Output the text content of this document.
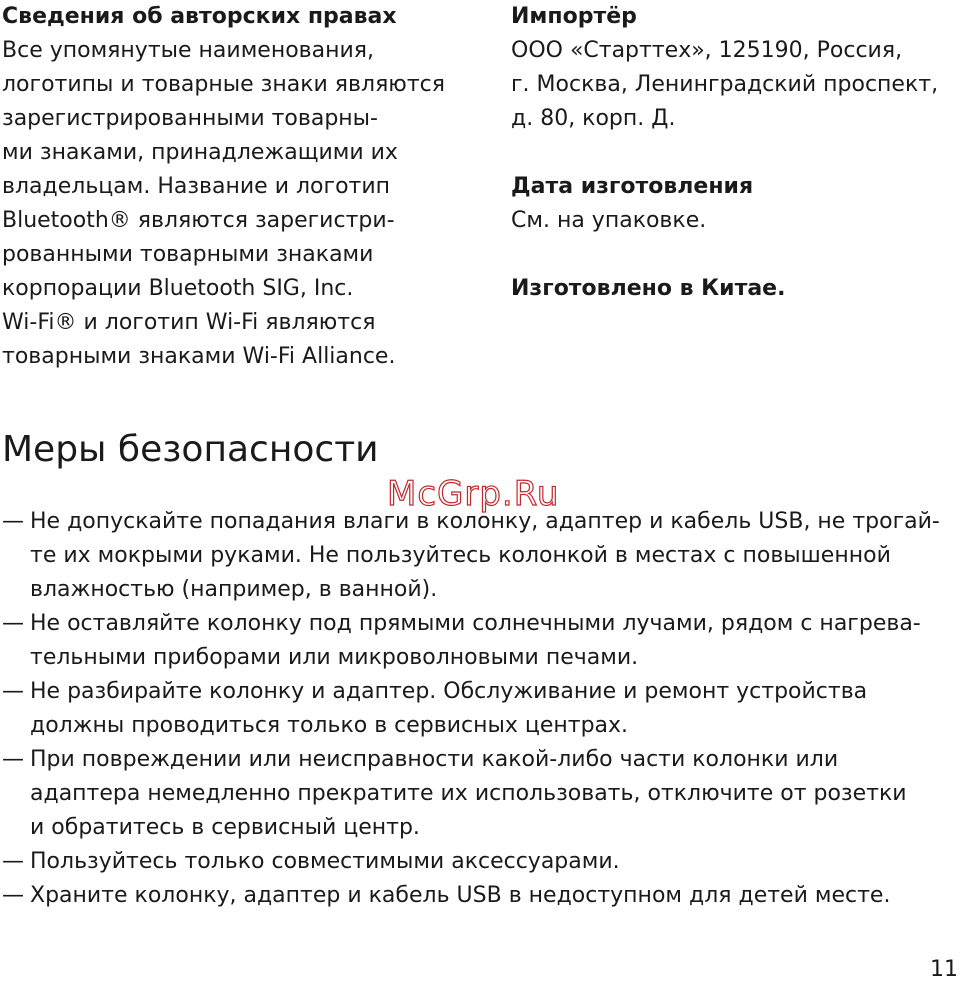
Сведения об авторских правах

Все упомянутые наименования,

логотипы и товарные знаки являются

зарегистрированными товарны-

ми знаками, принадлежащими их

владельцам. Название и логотип

Bluetooth® являются зарегистри-

рованными товарными знаками

корпорации Bluetooth SIG, Inc.

Wi-Fi® и логотип Wi-Fi являются

товарными знаками Wi-Fi Alliance.

Импортёр

ООО «Старттех», 125190, Россия,

г. Москва, Ленинградский проспект,

д. 80, корп. Д.

Дата изготовления

См. на упаковке.

Изготовлено в Китае.

Меры безопасности
McGrp.Ru
— Не допускайте попадания влаги в колонку, адаптер и кабель USB, не трогай-
те их мокрыми руками. Не пользуйтесь колонкой в местах с повышенной
влажностью (например, в ванной).
— Не оставляйте колонку под прямыми солнечными лучами, рядом с нагрева-
тельными приборами или микроволновыми печами.
— Не разбирайте колонку и адаптер. Обслуживание и ремонт устройства
должны проводиться только в сервисных центрах.
— При повреждении или неисправности какой-либо части колонки или
адаптера немедленно прекратите их использовать, отключите от розетки
и обратитесь в сервисный центр.
— Пользуйтесь только совместимыми аксессуарами.
— Храните колонку, адаптер и кабель USB в недоступном для детей месте.
11
